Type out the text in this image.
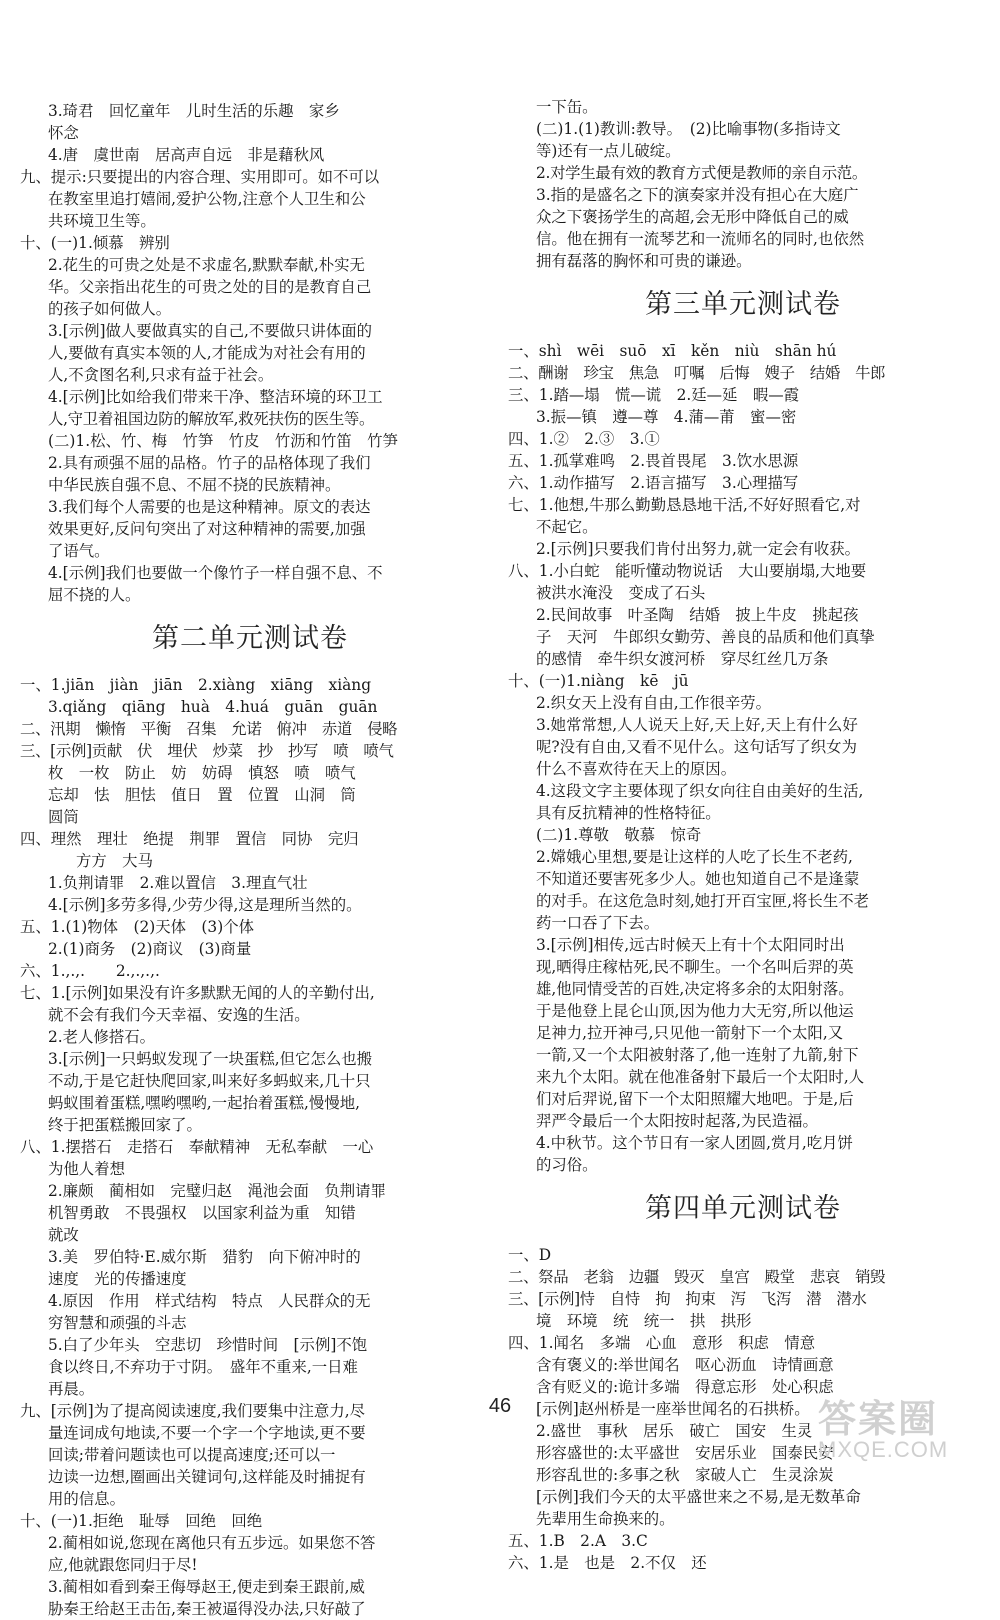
3.琦君　回忆童年　儿时生活的乐趣　家乡
怀念
4.唐　虞世南　居高声自远　非是藉秋风
九、提示:只要提出的内容合理、实用即可。如不可以
在教室里追打嬉闹,爱护公物,注意个人卫生和公
共环境卫生等。
十、(一)1.倾慕　辨别
2.花生的可贵之处是不求虚名,默默奉献,朴实无
华。父亲指出花生的可贵之处的目的是教育自己
的孩子如何做人。
3.[示例]做人要做真实的自己,不要做只讲体面的
人,要做有真实本领的人,才能成为对社会有用的
人,不贪图名利,只求有益于社会。
4.[示例]比如给我们带来干净、整洁环境的环卫工
人,守卫着祖国边防的解放军,救死扶伤的医生等。
(二)1.松、竹、梅　竹笋　竹皮　竹沥和竹笛　竹笋
2.具有顽强不屈的品格。竹子的品格体现了我们
中华民族自强不息、不屈不挠的民族精神。
3.我们每个人需要的也是这种精神。原文的表达
效果更好,反问句突出了对这种精神的需要,加强
了语气。
4.[示例]我们也要做一个像竹子一样自强不息、不
屈不挠的人。
第二单元测试卷
一、1.jiān　jiàn　jiān　2.xiàng　xiāng　xiàng
3.qiǎng　qiāng　huà　4.huá　guān　guān
二、汛期　懒惰　平衡　召集　允诺　俯冲　赤道　侵略
三、[示例]贡献　伏　埋伏　炒菜　抄　抄写　喷　喷气
枚　一枚　防止　妨　妨碍　慎怒　喷　喷气
忘却　怯　胆怯　值日　置　位置　山洞　筒
圆筒
四、理然　理壮　绝提　荆罪　置信　同协　完归
方方　大马
1.负荆请罪　2.难以置信　3.理直气壮
4.[示例]多劳多得,少劳少得,这是理所当然的。
五、1.(1)物体　(2)天体　(3)个体
2.(1)商务　(2)商议　(3)商量
六、1.,.,.　　2.,.,.,.
七、1.[示例]如果没有许多默默无闻的人的辛勤付出,
就不会有我们今天幸福、安逸的生活。
2.老人修搭石。
3.[示例]一只蚂蚁发现了一块蛋糕,但它怎么也搬
不动,于是它赶快爬回家,叫来好多蚂蚁来,几十只
蚂蚁围着蛋糕,嘿哟嘿哟,一起抬着蛋糕,慢慢地,
终于把蛋糕搬回家了。
八、1.摆搭石　走搭石　奉献精神　无私奉献　一心
为他人着想
2.廉颇　蔺相如　完璧归赵　渑池会面　负荆请罪
机智勇敢　不畏强权　以国家利益为重　知错
就改
3.美　罗伯特·E.威尔斯　猎豹　向下俯冲时的
速度　光的传播速度
4.原因　作用　样式结构　特点　人民群众的无
穷智慧和顽强的斗志
5.白了少年头　空悲切　珍惜时间　[示例]不饱
食以终日,不弃功于寸阴。　盛年不重来,一日难
再晨。
九、[示例]为了提高阅读速度,我们要集中注意力,尽
量连词成句地读,不要一个字一个字地读,更不要
回读;带着问题读也可以提高速度;还可以一
边读一边想,圈画出关键词句,这样能及时捕捉有
用的信息。
十、(一)1.拒绝　耻辱　回绝　回绝
2.蔺相如说,您现在离他只有五步远。如果您不答
应,他就跟您同归于尽!
3.蔺相如看到秦王侮辱赵王,便走到秦王跟前,威
胁秦王给赵王击缶,秦王被逼得没办法,只好敲了
一下缶。
(二)1.(1)教训:教导。　(2)比喻事物(多指诗文
等)还有一点儿破绽。
2.对学生最有效的教育方式便是教师的亲自示范。
3.指的是盛名之下的演奏家并没有担心在大庭广
众之下褒扬学生的高超,会无形中降低自己的威
信。他在拥有一流琴艺和一流师名的同时,也依然
拥有磊落的胸怀和可贵的谦逊。
第三单元测试卷
一、shì　wēi　suō　xī　kěn　niù　shān hú
二、酬谢　珍宝　焦急　叮嘱　后悔　嫂子　结婚　牛郎
三、1.踏—塌　慌—谎　2.廷—延　暇—霞
3.振—镇　遵—尊　4.蒲—莆　蜜—密
四、1.②　2.③　3.①
五、1.孤掌难鸣　2.畏首畏尾　3.饮水思源
六、1.动作描写　2.语言描写　3.心理描写
七、1.他想,牛那么勤勤恳恳地干活,不好好照看它,对
不起它。
2.[示例]只要我们肯付出努力,就一定会有收获。
八、1.小白蛇　能听懂动物说话　大山要崩塌,大地要
被洪水淹没　变成了石头
2.民间故事　叶圣陶　结婚　披上牛皮　挑起孩
子　天河　牛郎织女勤劳、善良的品质和他们真挚
的感情　牵牛织女渡河桥　穿尽红丝几万条
十、(一)1.niàng　kē　jū
2.织女天上没有自由,工作很辛劳。
3.她常常想,人人说天上好,天上好,天上有什么好
呢?没有自由,又看不见什么。这句话写了织女为
什么不喜欢待在天上的原因。
4.这段文字主要体现了织女向往自由美好的生活,
具有反抗精神的性格特征。
(二)1.尊敬　敬慕　惊奇
2.嫦娥心里想,要是让这样的人吃了长生不老药,
不知道还要害死多少人。她也知道自己不是逢蒙
的对手。在这危急时刻,她打开百宝匣,将长生不老
药一口吞了下去。
3.[示例]相传,远古时候天上有十个太阳同时出
现,晒得庄稼枯死,民不聊生。一个名叫后羿的英
雄,他同情受苦的百姓,决定将多余的太阳射落。
于是他登上昆仑山顶,因为他力大无穷,所以他运
足神力,拉开神弓,只见他一箭射下一个太阳,又
一箭,又一个太阳被射落了,他一连射了九箭,射下
来九个太阳。就在他准备射下最后一个太阳时,人
们对后羿说,留下一个太阳照耀大地吧。于是,后
羿严令最后一个太阳按时起落,为民造福。
4.中秋节。这个节日有一家人团圆,赏月,吃月饼
的习俗。
第四单元测试卷
一、D
二、祭品　老翁　边疆　毁灭　皇宫　殿堂　悲哀　销毁
三、[示例]恃　自恃　拘　拘束　泻　飞泻　潜　潜水
境　环境　统　统一　拱　拱形
四、1.闻名　多端　心血　意形　积虑　情意
含有褒义的:举世闻名　呕心沥血　诗情画意
含有贬义的:诡计多端　得意忘形　处心积虑
[示例]赵州桥是一座举世闻名的石拱桥。
2.盛世　事秋　居乐　破亡　国安　生灵
形容盛世的:太平盛世　安居乐业　国泰民安
形容乱世的:多事之秋　家破人亡　生灵涂炭
[示例]我们今天的太平盛世来之不易,是无数革命
先辈用生命换来的。
五、1.B　2.A　3.C
六、1.是　也是　2.不仅　还
46	答案圈
MXQE.COM
